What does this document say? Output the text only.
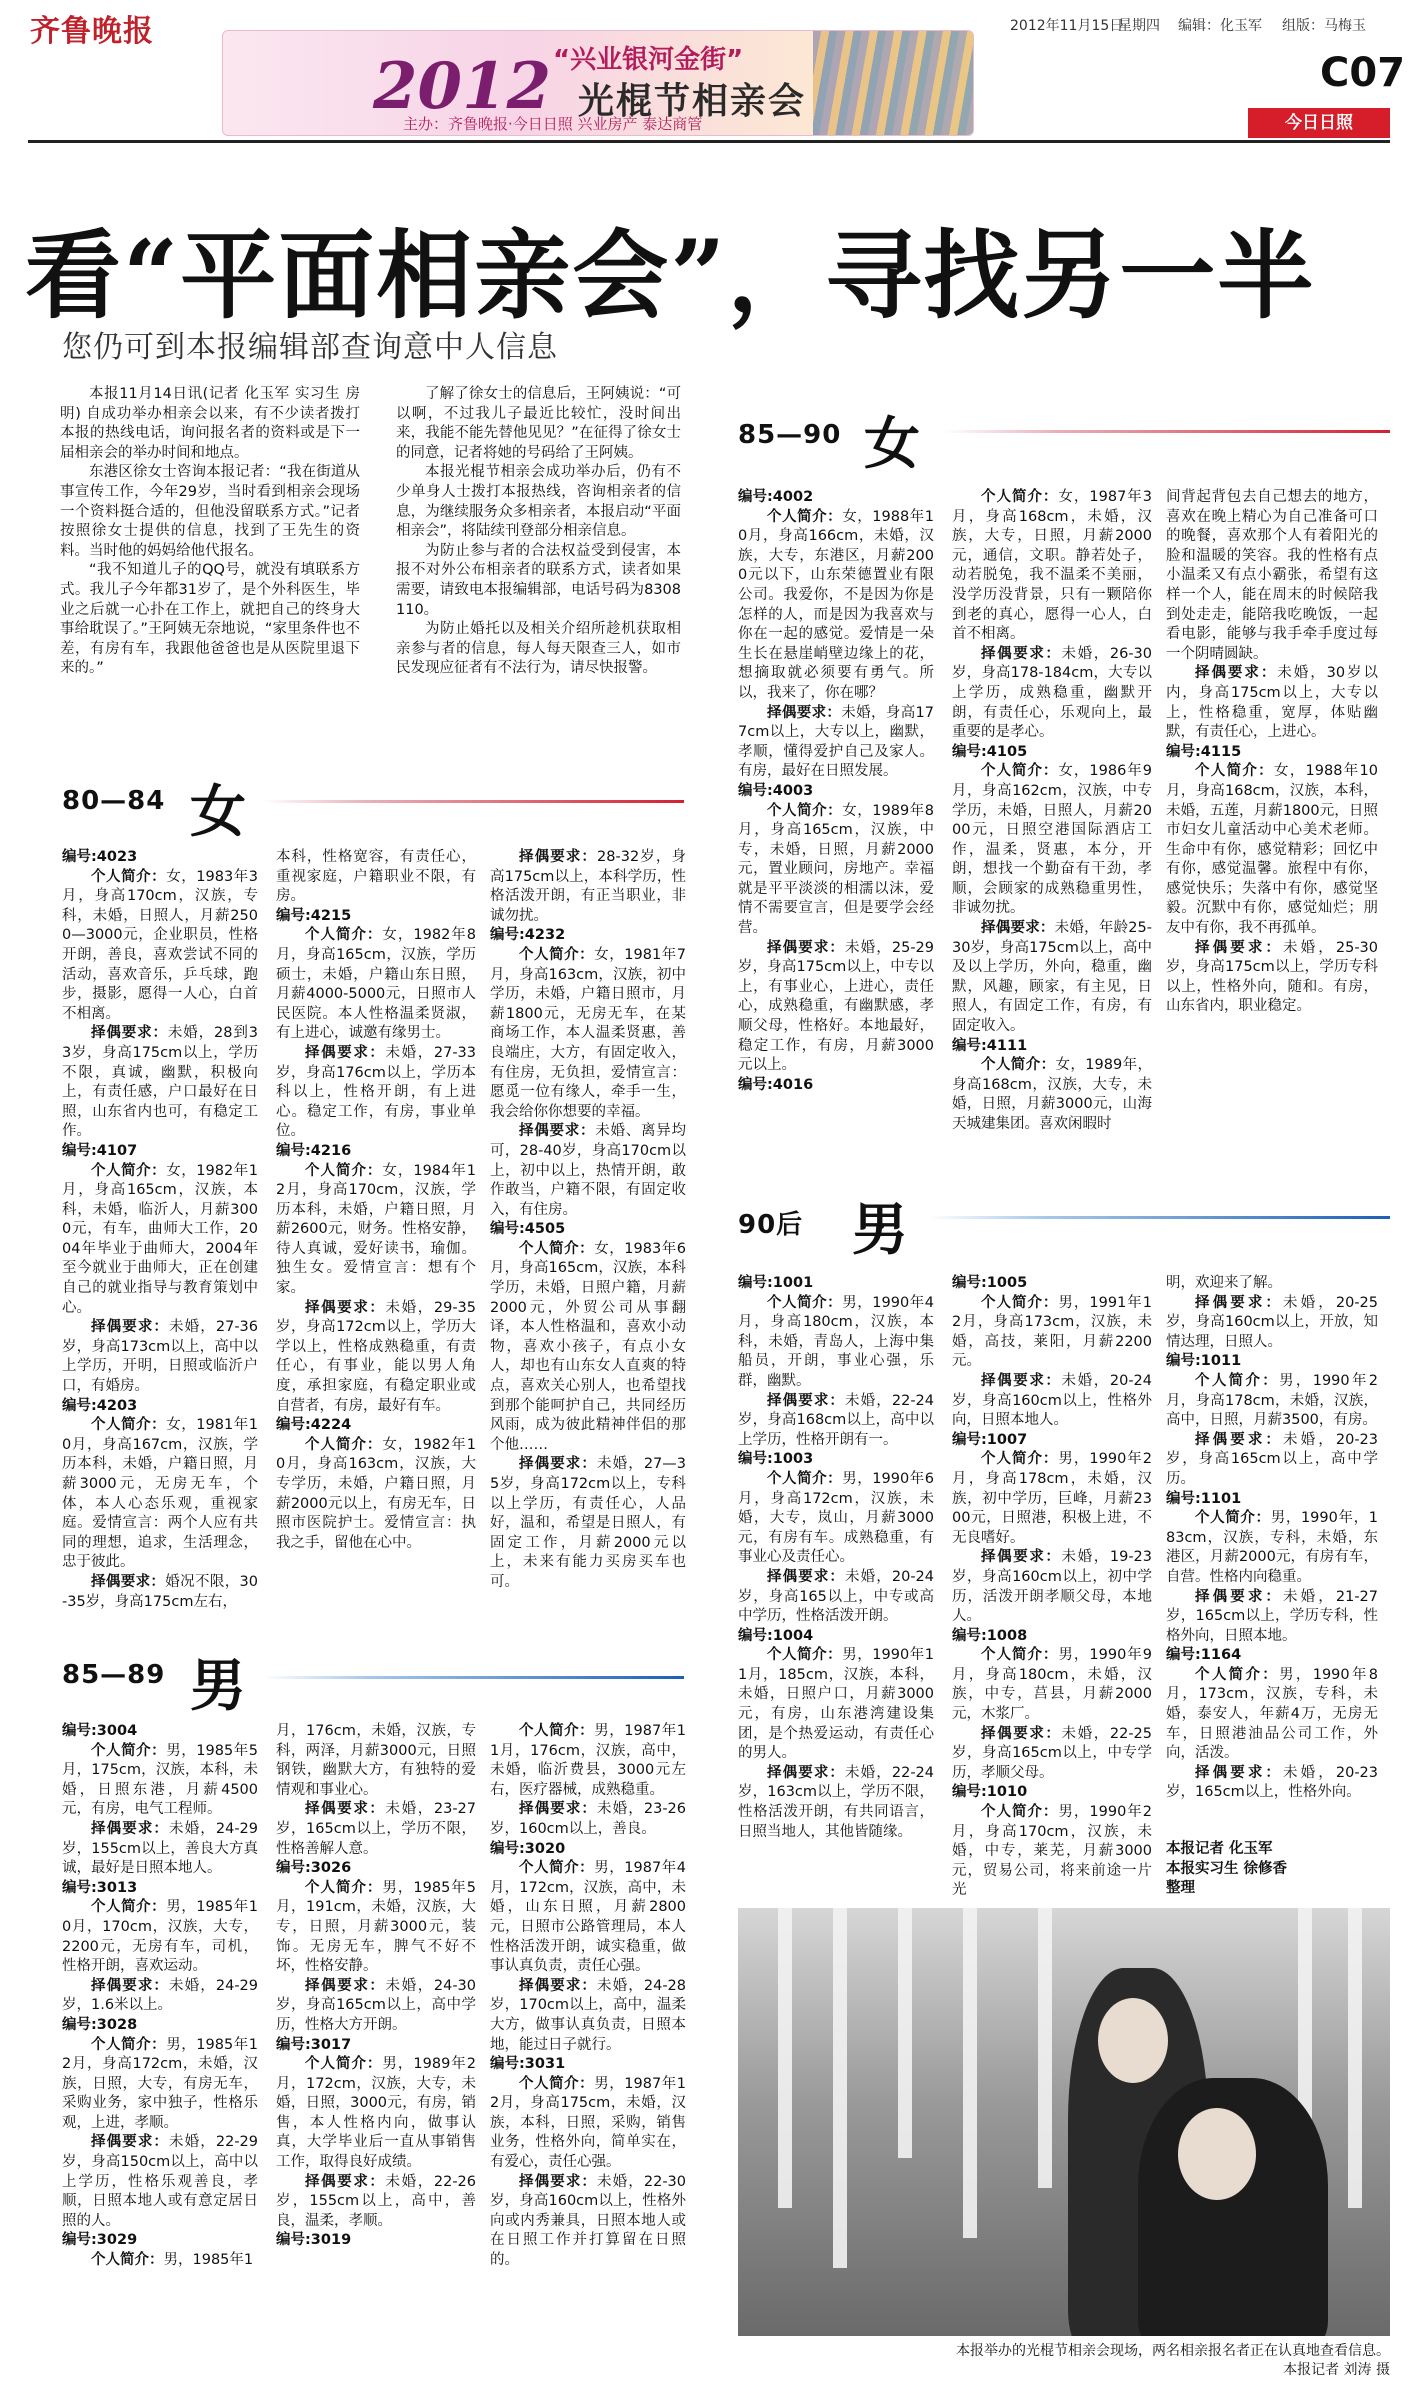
齐鲁晚报
2012 “兴业银河金街”
光棍节相亲会
主办：齐鲁晚报·今日日照 兴业房产 泰达商管
2012年11月15日
星期四 编辑：化玉军 组版：马梅玉
C07
今日日照
看“平面相亲会”，寻找另一半
您仍可到本报编辑部查询意中人信息

本报11月14日讯(记者 化玉军 实习生 房明) 自成功举办相亲会以来，有不少读者拨打本报的热线电话，询问报名者的资料或是下一届相亲会的举办时间和地点。

东港区徐女士咨询本报记者：“我在街道从事宣传工作，今年29岁，当时看到相亲会现场一个资料挺合适的，但他没留联系方式。”记者按照徐女士提供的信息，找到了王先生的资料。当时他的妈妈给他代报名。

“我不知道儿子的QQ号，就没有填联系方式。我儿子今年都31岁了，是个外科医生，毕业之后就一心扑在工作上，就把自己的终身大事给耽误了。”王阿姨无奈地说，“家里条件也不差，有房有车，我跟他爸爸也是从医院里退下来的。”

了解了徐女士的信息后，王阿姨说：“可以啊，不过我儿子最近比较忙，没时间出来，我能不能先替他见见？”在征得了徐女士的同意，记者将她的号码给了王阿姨。

本报光棍节相亲会成功举办后，仍有不少单身人士拨打本报热线，咨询相亲者的信息，为继续服务众多相亲者，本报启动“平面相亲会”，将陆续刊登部分相亲信息。

为防止参与者的合法权益受到侵害，本报不对外公布相亲者的联系方式，读者如果需要，请致电本报编辑部，电话号码为8308110。

为防止婚托以及相关介绍所趁机获取相亲参与者的信息，每人每天限查三人，如市民发现应征者有不法行为，请尽快报警。

80—84 女
编号:4023
个人简介：女，1983年3月，身高170cm，汉族，专科，未婚，日照人，月薪2500—3000元，企业职员，性格开朗，善良，喜欢尝试不同的活动，喜欢音乐，乒乓球，跑步，摄影，愿得一人心，白首不相离。
择偶要求：未婚，28到33岁，身高175cm以上，学历不限，真诚，幽默，积极向上，有责任感，户口最好在日照，山东省内也可，有稳定工作。
编号:4107
个人简介：女，1982年1月，身高165cm，汉族，本科，未婚，临沂人，月薪3000元，有车，曲师大工作，2004年毕业于曲师大，2004年至今就业于曲师大，正在创建自己的就业指导与教育策划中心。
择偶要求：未婚，27-36岁，身高173cm以上，高中以上学历，开明，日照或临沂户口，有婚房。
编号:4203
个人简介：女，1981年10月，身高167cm，汉族，学历本科，未婚，户籍日照，月薪3000元，无房无车，个体，本人心态乐观，重视家庭。爱情宣言：两个人应有共同的理想，追求，生活理念，忠于彼此。
择偶要求：婚况不限，30-35岁，身高175cm左右，
本科，性格宽容，有责任心，重视家庭，户籍职业不限，有房。
编号:4215
个人简介：女，1982年8月，身高165cm，汉族，学历硕士，未婚，户籍山东日照，月薪4000-5000元，日照市人民医院。本人性格温柔贤淑，有上进心，诚邀有缘男士。
择偶要求：未婚，27-33岁，身高176cm以上，学历本科以上，性格开朗，有上进心。稳定工作，有房，事业单位。
编号:4216
个人简介：女，1984年12月，身高170cm，汉族，学历本科，未婚，户籍日照，月薪2600元，财务。性格安静，待人真诚，爱好读书，瑜伽。独生女。爱情宣言：想有个家。
择偶要求：未婚，29-35岁，身高172cm以上，学历大学以上，性格成熟稳重，有责任心，有事业，能以男人角度，承担家庭，有稳定职业或自营者，有房，最好有车。
编号:4224
个人简介：女，1982年10月，身高163cm，汉族，大专学历，未婚，户籍日照，月薪2000元以上，有房无车，日照市医院护士。爱情宣言：执我之手，留他在心中。
择偶要求：28-32岁，身高175cm以上，本科学历，性格活泼开朗，有正当职业，非诚勿扰。
编号:4232
个人简介：女，1981年7月，身高163cm，汉族，初中学历，未婚，户籍日照市，月薪1800元，无房无车，在某商场工作，本人温柔贤惠，善良端庄，大方，有固定收入，有住房，无负担，爱情宣言：愿觅一位有缘人，牵手一生，我会给你你想要的幸福。
择偶要求：未婚、离异均可，28-40岁，身高170cm以上，初中以上，热情开朗，敢作敢当，户籍不限，有固定收入，有住房。
编号:4505
个人简介：女，1983年6月，身高165cm，汉族，本科学历，未婚，日照户籍，月薪2000元，外贸公司从事翻译，本人性格温和，喜欢小动物，喜欢小孩子，有点小女人，却也有山东女人直爽的特点，喜欢关心别人，也希望找到那个能呵护自己，共同经历风雨，成为彼此精神伴侣的那个他……
择偶要求：未婚，27—35岁，身高172cm以上，专科以上学历，有责任心，人品好，温和，希望是日照人，有固定工作，月薪2000元以上，未来有能力买房买车也可。
85—89 男
编号:3004
个人简介：男，1985年5月，175cm，汉族，本科，未婚，日照东港，月薪4500元，有房，电气工程师。
择偶要求：未婚，24-29岁，155cm以上，善良大方真诚，最好是日照本地人。
编号:3013
个人简介：男，1985年10月，170cm，汉族，大专，2200元，无房有车，司机，性格开朗，喜欢运动。
择偶要求：未婚，24-29岁，1.6米以上。
编号:3028
个人简介：男，1985年12月，身高172cm，未婚，汉族，日照，大专，有房无车，采购业务，家中独子，性格乐观，上进，孝顺。
择偶要求：未婚，22-29岁，身高150cm以上，高中以上学历，性格乐观善良，孝顺，日照本地人或有意定居日照的人。
编号:3029
个人简介：男，1985年1
月，176cm，未婚，汉族，专科，两泽，月薪3000元，日照钢铁，幽默大方，有独特的爱情观和事业心。
择偶要求：未婚，23-27岁，165cm以上，学历不限，性格善解人意。
编号:3026
个人简介：男，1985年5月，191cm，未婚，汉族，大专，日照，月薪3000元，装饰。无房无车，脾气不好不坏，性格安静。
择偶要求：未婚，24-30岁，身高165cm以上，高中学历，性格大方开朗。
编号:3017
个人简介：男，1989年2月，172cm，汉族，大专，未婚，日照，3000元，有房，销售，本人性格内向，做事认真，大学毕业后一直从事销售工作，取得良好成绩。
择偶要求：未婚，22-26岁，155cm以上，高中，善良，温柔，孝顺。
编号:3019
个人简介：男，1987年11月，176cm，汉族，高中，未婚，临沂费县，3000元左右，医疗器械，成熟稳重。
择偶要求：未婚，23-26岁，160cm以上，善良。
编号:3020
个人简介：男，1987年4月，172cm，汉族，高中，未婚，山东日照，月薪2800元，日照市公路管理局，本人性格活泼开朗，诚实稳重，做事认真负责，责任心强。
择偶要求：未婚，24-28岁，170cm以上，高中，温柔大方，做事认真负责，日照本地，能过日子就行。
编号:3031
个人简介：男，1987年12月，身高175cm，未婚，汉族，本科，日照，采购，销售业务，性格外向，简单实在，有爱心，责任心强。
择偶要求：未婚，22-30岁，身高160cm以上，性格外向或内秀兼具，日照本地人或在日照工作并打算留在日照的。
85—90 女
编号:4002
个人简介：女，1988年10月，身高166cm，未婚，汉族，大专，东港区，月薪2000元以下，山东荣德置业有限公司。我爱你，不是因为你是怎样的人，而是因为我喜欢与你在一起的感觉。爱情是一朵生长在悬崖峭壁边缘上的花，想摘取就必须要有勇气。所以，我来了，你在哪？
择偶要求：未婚，身高177cm以上，大专以上，幽默，孝顺，懂得爱护自己及家人。有房，最好在日照发展。
编号:4003
个人简介：女，1989年8月，身高165cm，汉族，中专，未婚，日照，月薪2000元，置业顾问，房地产。幸福就是平平淡淡的相濡以沫，爱情不需要宣言，但是要学会经营。
择偶要求：未婚，25-29岁，身高175cm以上，中专以上，有事业心，上进心，责任心，成熟稳重，有幽默感，孝顺父母，性格好。本地最好，稳定工作，有房，月薪3000元以上。
编号:4016
个人简介：女，1987年3月，身高168cm，未婚，汉族，大专，日照，月薪2000元，通信，文职。静若处子，动若脱兔，我不温柔不美丽，没学历没背景，只有一颗陪你到老的真心，愿得一心人，白首不相离。
择偶要求：未婚，26-30岁，身高178-184cm，大专以上学历，成熟稳重，幽默开朗，有责任心，乐观向上，最重要的是孝心。
编号:4105
个人简介：女，1986年9月，身高162cm，汉族，中专学历，未婚，日照人，月薪2000元，日照空港国际酒店工作，温柔，贤惠，本分，开朗，想找一个勤奋有干劲，孝顺，会顾家的成熟稳重男性，非诚勿扰。
择偶要求：未婚，年龄25-30岁，身高175cm以上，高中及以上学历，外向，稳重，幽默，风趣，顾家，有主见，日照人，有固定工作，有房，有固定收入。
编号:4111
个人简介：女，1989年，身高168cm，汉族，大专，未婚，日照，月薪3000元，山海天城建集团。喜欢闲暇时
间背起背包去自己想去的地方，喜欢在晚上精心为自己准备可口的晚餐，喜欢那个人有着阳光的脸和温暖的笑容。我的性格有点小温柔又有点小霸张，希望有这样一个人，能在周末的时候陪我到处走走，能陪我吃晚饭，一起看电影，能够与我手牵手度过每一个阴晴圆缺。
择偶要求：未婚，30岁以内，身高175cm以上，大专以上，性格稳重，宽厚，体贴幽默，有责任心，上进心。
编号:4115
个人简介：女，1988年10月，身高168cm，汉族，本科，未婚，五莲，月薪1800元，日照市妇女儿童活动中心美术老师。生命中有你，感觉精彩；回忆中有你，感觉温馨。旅程中有你，感觉快乐；失落中有你，感觉坚毅。沉默中有你，感觉灿烂；朋友中有你，我不再孤单。
择偶要求：未婚，25-30岁，身高175cm以上，学历专科以上，性格外向，随和。有房，山东省内，职业稳定。
90后 男
编号:1001
个人简介：男，1990年4月，身高180cm，汉族，本科，未婚，青岛人，上海中集船员，开朗，事业心强，乐群，幽默。
择偶要求：未婚，22-24岁，身高168cm以上，高中以上学历，性格开朗有一。
编号:1003
个人简介：男，1990年6月，身高172cm，汉族，未婚，大专，岚山，月薪3000元，有房有车。成熟稳重，有事业心及责任心。
择偶要求：未婚，20-24岁，身高165以上，中专或高中学历，性格活泼开朗。
编号:1004
个人简介：男，1990年11月，185cm，汉族，本科，未婚，日照户口，月薪3000元，有房，山东港湾建设集团，是个热爱运动，有责任心的男人。
择偶要求：未婚，22-24岁，163cm以上，学历不限，性格活泼开朗，有共同语言，日照当地人，其他皆随缘。
编号:1005
个人简介：男，1991年12月，身高173cm，汉族，未婚，高技，莱阳，月薪2200元。
择偶要求：未婚，20-24岁，身高160cm以上，性格外向，日照本地人。
编号:1007
个人简介：男，1990年2月，身高178cm，未婚，汉族，初中学历，巨峰，月薪2300元，日照港，积极上进，不无良嗜好。
择偶要求：未婚，19-23岁，身高160cm以上，初中学历，活泼开朗孝顺父母，本地人。
编号:1008
个人简介：男，1990年9月，身高180cm，未婚，汉族，中专，莒县，月薪2000元，木浆厂。
择偶要求：未婚，22-25岁，身高165cm以上，中专学历，孝顺父母。
编号:1010
个人简介：男，1990年2月，身高170cm，汉族，未婚，中专，莱芜，月薪3000元，贸易公司，将来前途一片光
明，欢迎来了解。
择偶要求：未婚，20-25岁，身高160cm以上，开放，知情达理，日照人。
编号:1011
个人简介：男，1990年2月，身高178cm，未婚，汉族，高中，日照，月薪3500，有房。
择偶要求：未婚，20-23岁，身高165cm以上，高中学历。
编号:1101
个人简介：男，1990年，183cm，汉族，专科，未婚，东港区，月薪2000元，有房有车，自营。性格内向稳重。
择偶要求：未婚，21-27岁，165cm以上，学历专科，性格外向，日照本地。
编号:1164
个人简介：男，1990年8月，173cm，汉族，专科，未婚，泰安人，年薪4万，无房无车，日照港油品公司工作，外向，活泼。
择偶要求：未婚，20-23岁，165cm以上，性格外向。
本报记者 化玉军
本报实习生 徐修香
整理
本报举办的光棍节相亲会现场，两名相亲报名者正在认真地查看信息。
本报记者 刘涛 摄
